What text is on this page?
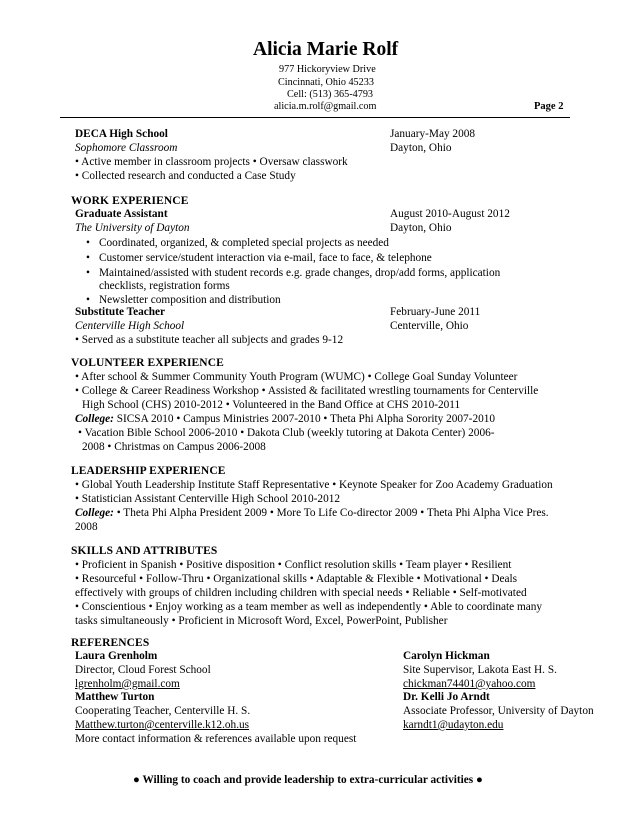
Alicia Marie Rolf
977 Hickoryview Drive
Cincinnati, Ohio 45233
Cell: (513) 365-4793
alicia.m.rolf@gmail.com	Page 2
DECA High School	January-May 2008
Sophomore Classroom	Dayton, Ohio
• Active member in classroom projects • Oversaw classwork
• Collected research and conducted a Case Study
WORK EXPERIENCE
Graduate Assistant	August 2010-August 2012
The University of Dayton	Dayton, Ohio
• Coordinated, organized, & completed special projects as needed
• Customer service/student interaction via e-mail, face to face, & telephone
• Maintained/assisted with student records e.g. grade changes, drop/add forms, application
checklists, registration forms
• Newsletter composition and distribution
Substitute Teacher	February-June 2011
Centerville High School	Centerville, Ohio
• Served as a substitute teacher all subjects and grades 9-12
VOLUNTEER EXPERIENCE
• After school & Summer Community Youth Program (WUMC) • College Goal Sunday Volunteer
• College & Career Readiness Workshop • Assisted & facilitated wrestling tournaments for Centerville
High School (CHS) 2010-2012 • Volunteered in the Band Office at CHS 2010-2011
College: SICSA 2010 • Campus Ministries 2007-2010 • Theta Phi Alpha Sorority 2007-2010
• Vacation Bible School 2006-2010 • Dakota Club (weekly tutoring at Dakota Center) 2006-
2008 • Christmas on Campus 2006-2008
LEADERSHIP EXPERIENCE
• Global Youth Leadership Institute Staff Representative • Keynote Speaker for Zoo Academy Graduation
• Statistician Assistant Centerville High School 2010-2012
College: • Theta Phi Alpha President 2009 • More To Life Co-director 2009 • Theta Phi Alpha Vice Pres.
2008
SKILLS AND ATTRIBUTES
• Proficient in Spanish • Positive disposition • Conflict resolution skills • Team player • Resilient
• Resourceful • Follow-Thru • Organizational skills • Adaptable & Flexible • Motivational • Deals
effectively with groups of children including children with special needs • Reliable • Self-motivated
• Conscientious • Enjoy working as a team member as well as independently • Able to coordinate many
tasks simultaneously • Proficient in Microsoft Word, Excel, PowerPoint, Publisher
REFERENCES
Laura Grenholm	Carolyn Hickman
Director, Cloud Forest School	Site Supervisor, Lakota East H. S.
lgrenholm@gmail.com	chickman74401@yahoo.com
Matthew Turton	Dr. Kelli Jo Arndt
Cooperating Teacher, Centerville H. S.	Associate Professor, University of Dayton
Matthew.turton@centerville.k12.oh.us	karndt1@udayton.edu
More contact information & references available upon request
● Willing to coach and provide leadership to extra-curricular activities ●
